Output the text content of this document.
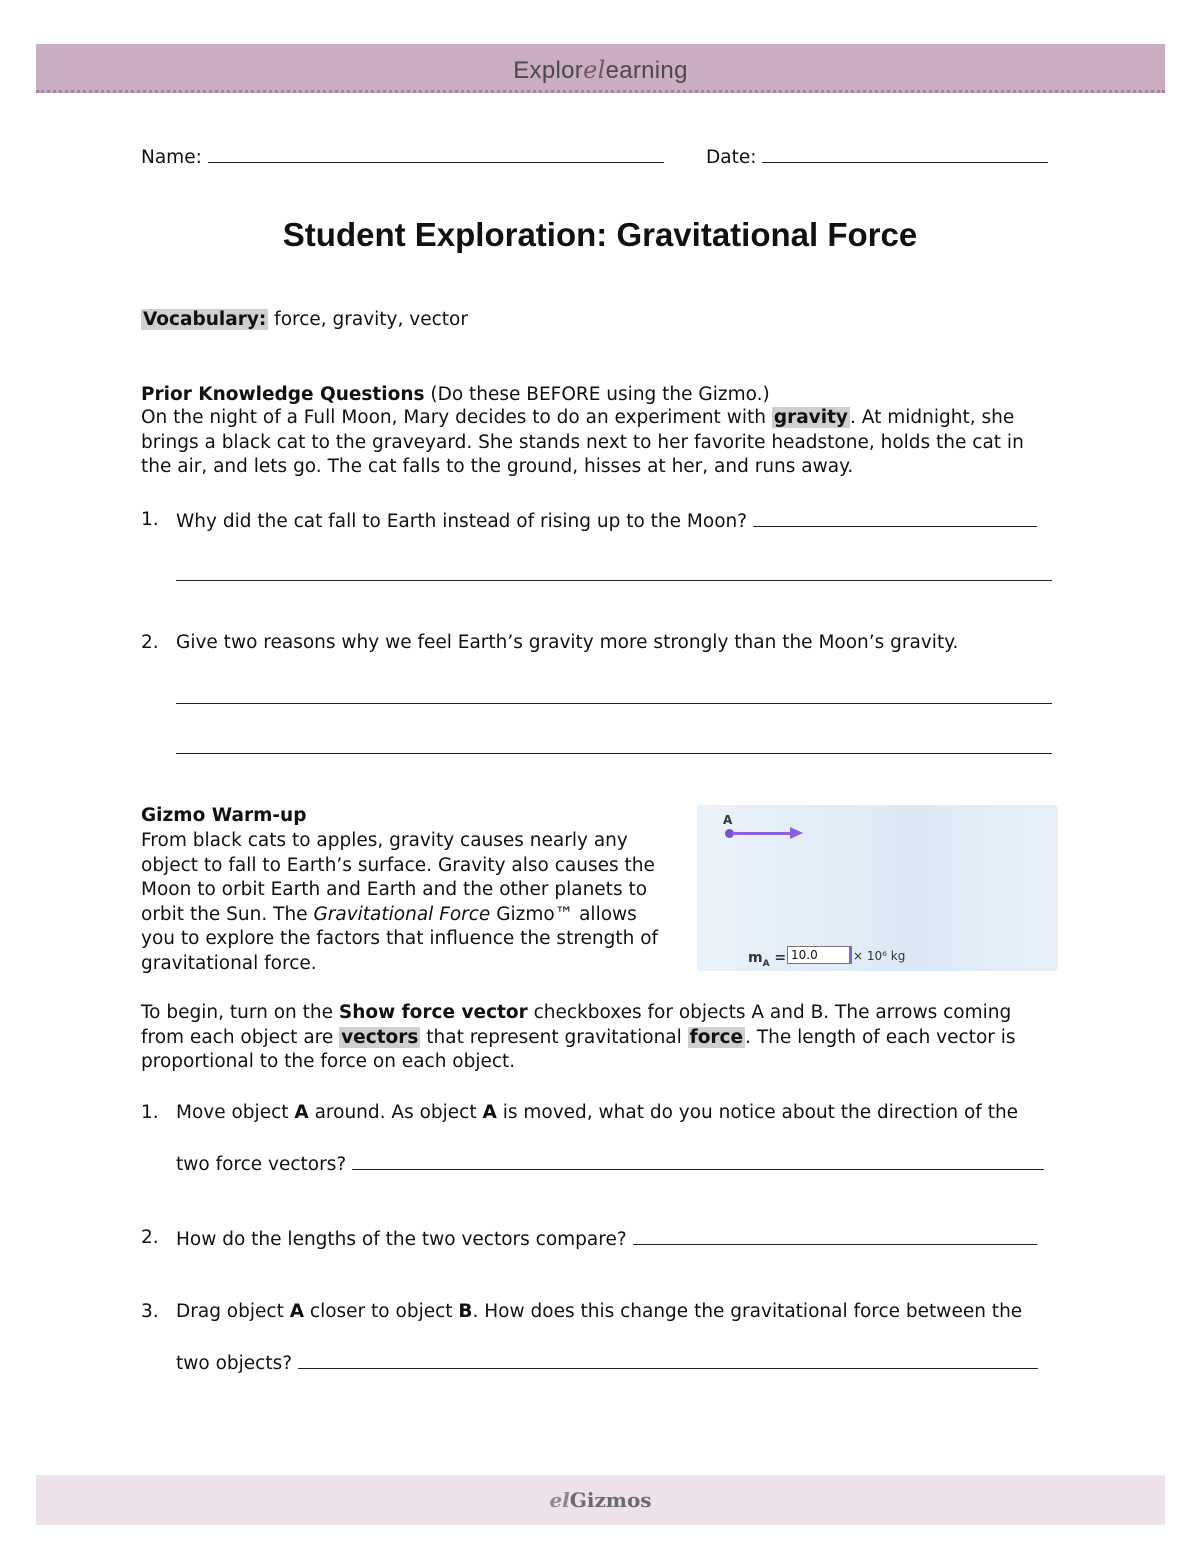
Explorelearning
Name:	Date:
Student Exploration: Gravitational Force
Vocabulary: force, gravity, vector
Prior Knowledge Questions (Do these BEFORE using the Gizmo.)
On the night of a Full Moon, Mary decides to do an experiment with gravity . At midnight, she brings a black cat to the graveyard. She stands next to her favorite headstone, holds the cat in the air, and lets go. The cat falls to the ground, hisses at her, and runs away.
1. Why did the cat fall to Earth instead of rising up to the Moon?
2. Give two reasons why we feel Earth’s gravity more strongly than the Moon’s gravity.
Gizmo Warm-up
From black cats to apples, gravity causes nearly any object to fall to Earth’s surface. Gravity also causes the Moon to orbit Earth and Earth and the other planets to orbit the Sun. The Gravitational Force Gizmo™ allows you to explore the factors that influence the strength of gravitational force.
A
$m_A = 10.0$	× 10⁶ kg
To begin, turn on the Show force vector checkboxes for objects A and B. The arrows coming from each object are vectors that represent gravitational force . The length of each vector is proportional to the force on each object.
1. Move object A around. As object A is moved, what do you notice about the direction of the
two force vectors?
2. How do the lengths of the two vectors compare?
3. Drag object A closer to object B. How does this change the gravitational force between the
two objects?
elGizmos
